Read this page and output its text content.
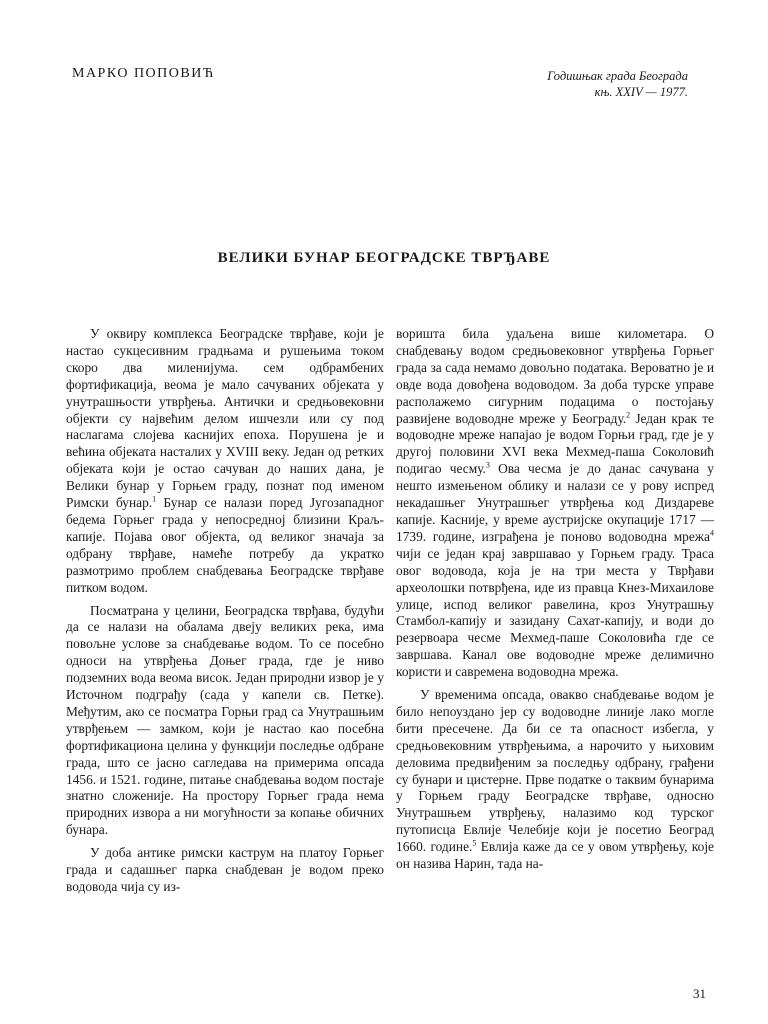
МАРКО ПОПОВИЋ	Годишњак града Београда
књ. XXIV — 1977.
ВЕЛИКИ БУНАР БЕОГРАДСКЕ ТВРЂАВЕ

У оквиру комплекса Београдске тврђаве, који је настао сукцесивним градњама и рушењима током скоро два миленијума. сем одбрамбених фортификација, веома је мало сачуваних објеката у унутрашњости утврђења. Антички и средњовековни објекти су највећим делом ишчезли или су под наслагама слојева каснијих епоха. Порушена је и већина објеката насталих у XVIII веку. Један од ретких објеката који је остао сачуван до наших дана, је Велики бунар у Горњем граду, познат под именом Римски бунар.$^1$ Бунар се налази поред Југозападног бедема Горњег града у непосредној близини Краљ-капије. Појава овог објекта, од великог значаја за одбрану тврђаве, намеће потребу да укратко размотримо проблем снабдевања Београдске тврђаве питком водом.

Посматрана у целини, Београдска тврђава, будући да се налази на обалама двеју великих река, има повољне услове за снабдевање водом. То се посебно односи на утврђења Доњег града, где је ниво подземних вода веома висок. Један природни извор је у Источном подграђу (сада у капели св. Петке). Међутим, ако се посматра Горњи град са Унутрашњим утврђењем — замком, који је настао као посебна фортификациона целина у функцији последње одбране града, што се јасно сагледава на примерима опсада 1456. и 1521. године, питање снабдевања водом постаје знатно сложеније. На простору Горњег града нема природних извора а ни могућности за копање обичних бунара.

У доба антике римски каструм на платоу Горњег града и садашњег парка снабдеван је водом преко водовода чија су из-

воришта била удаљена више километара. О снабдевању водом средњовековног утврђења Горњег града за сада немамо довољно података. Вероватно је и овде вода довођена водоводом. За доба турске управе располажемо сигурним подацима о постојању развијене водоводне мреже у Београду.$^2$ Један крак те водоводне мреже напајао је водом Горњи град, где је у другој половини XVI века Мехмед-паша Соколовић подигао чесму.$^3$ Ова чесма је до данас сачувана у нешто измењеном облику и налази се у рову испред некадашњег Унутрашњег утврђења код Диздареве капије. Касније, у време аустријске окупације 1717 —1739. године, изграђена је поново водоводна мрежа$^4$ чији се један крај завршавао у Горњем граду. Траса овог водовода, која је на три места у Тврђави археолошки потврђена, иде из правца Кнез-Михаилове улице, испод великог равелина, кроз Унутрашњу Стамбол-капију и зазидану Сахат-капију, и води до резервоара чесме Мехмед-паше Соколовића где се завршава. Канал ове водоводне мреже делимично користи и савремена водоводна мрежа.

У временима опсада, овакво снабдевање водом је било непоуздано јер су водоводне линије лако могле бити пресечене. Да би се та опасност избегла, у средњовековним утврђењима, а нарочито у њиховим деловима предвиђеним за последњу одбрану, грађени су бунари и цистерне. Прве податке о таквим бунарима у Горњем граду Београдске тврђаве, односно Унутрашњем утврђењу, налазимо код турског путописца Евлије Челебије који је посетио Београд 1660. године.$^5$ Евлија каже да се у овом утврђењу, које он назива Нарин, тада на-

31
